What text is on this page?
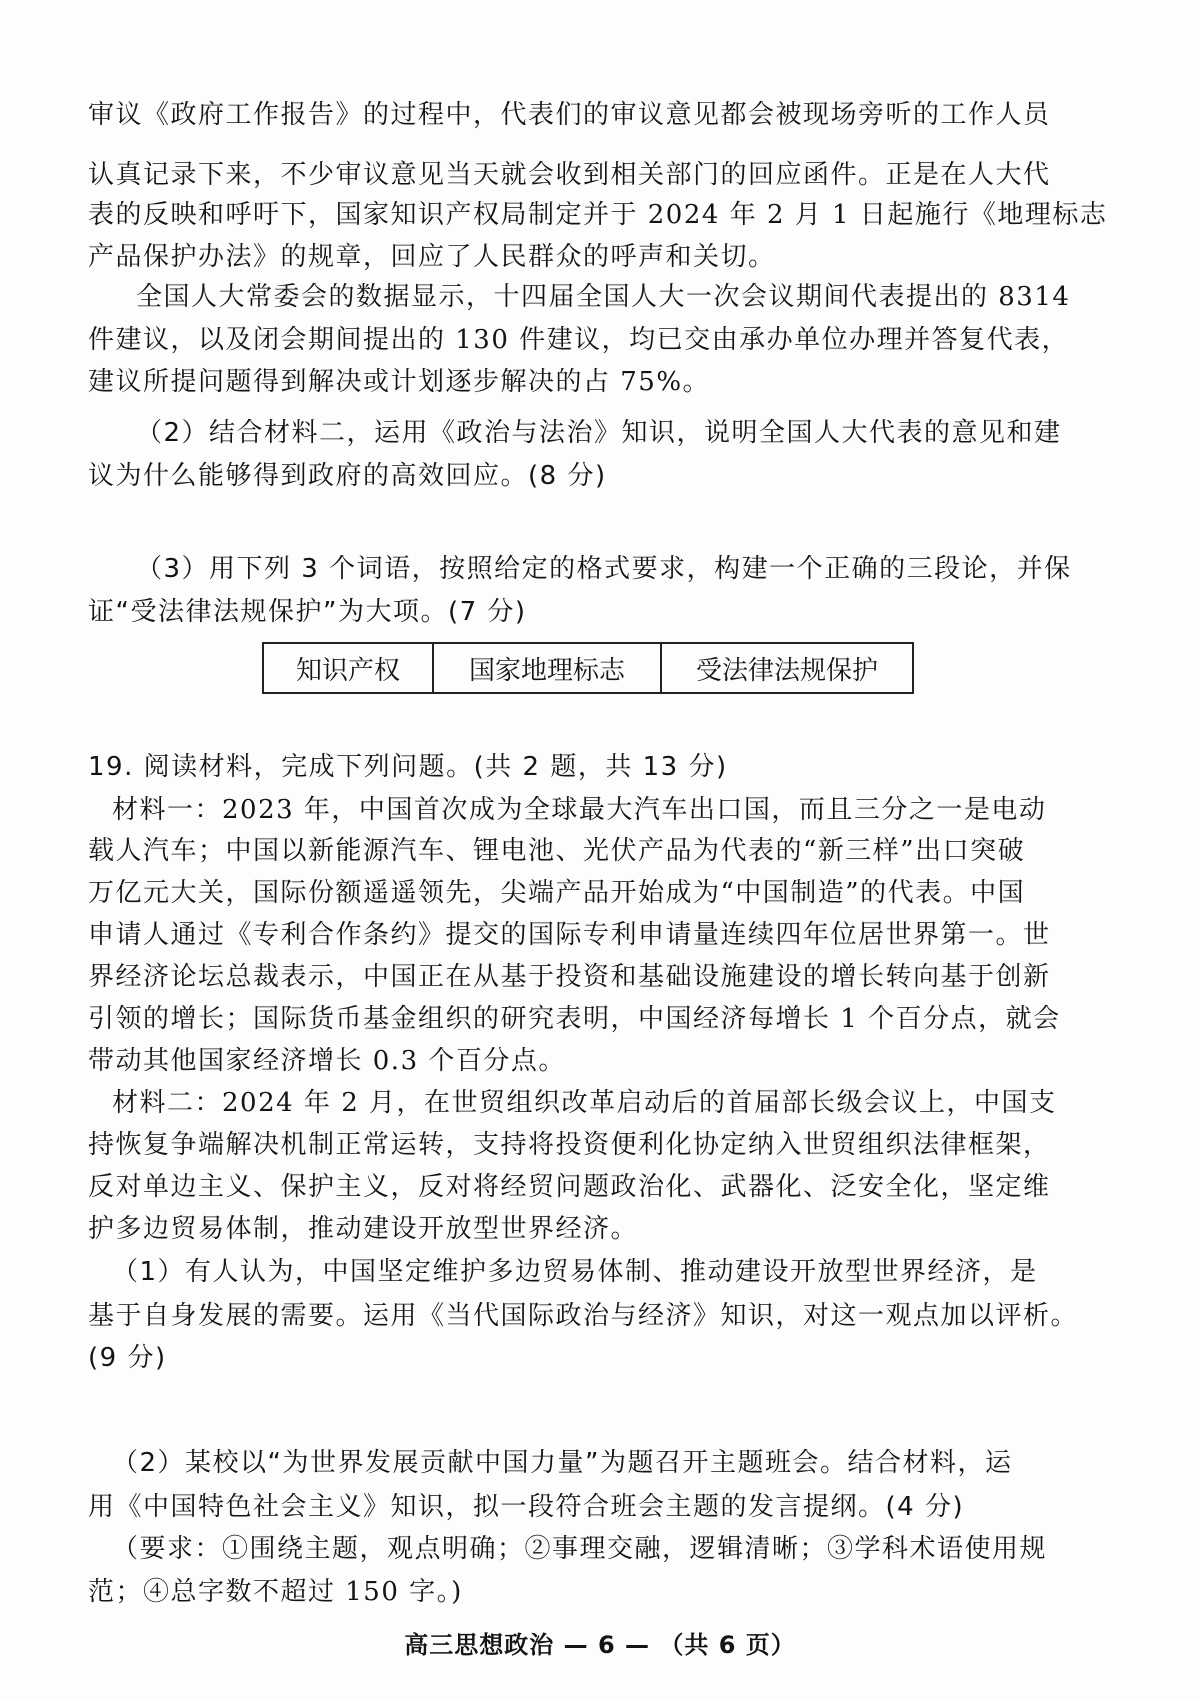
审议《政府工作报告》的过程中，代表们的审议意见都会被现场旁听的工作人员
认真记录下来，不少审议意见当天就会收到相关部门的回应函件。正是在人大代
表的反映和呼吁下，国家知识产权局制定并于 2024 年 2 月 1 日起施行《地理标志
产品保护办法》的规章，回应了人民群众的呼声和关切。
全国人大常委会的数据显示，十四届全国人大一次会议期间代表提出的 8314
件建议，以及闭会期间提出的 130 件建议，均已交由承办单位办理并答复代表，
建议所提问题得到解决或计划逐步解决的占 75%。
（2）结合材料二，运用《政治与法治》知识，说明全国人大代表的意见和建
议为什么能够得到政府的高效回应。(8 分)
（3）用下列 3 个词语，按照给定的格式要求，构建一个正确的三段论，并保
证“受法律法规保护”为大项。(7 分)
知识产权	国家地理标志	受法律法规保护
19. 阅读材料，完成下列问题。(共 2 题，共 13 分)
材料一：2023 年，中国首次成为全球最大汽车出口国，而且三分之一是电动
载人汽车；中国以新能源汽车、锂电池、光伏产品为代表的“新三样”出口突破
万亿元大关，国际份额遥遥领先，尖端产品开始成为“中国制造”的代表。中国
申请人通过《专利合作条约》提交的国际专利申请量连续四年位居世界第一。世
界经济论坛总裁表示，中国正在从基于投资和基础设施建设的增长转向基于创新
引领的增长；国际货币基金组织的研究表明，中国经济每增长 1 个百分点，就会
带动其他国家经济增长 0.3 个百分点。
材料二：2024 年 2 月，在世贸组织改革启动后的首届部长级会议上，中国支
持恢复争端解决机制正常运转，支持将投资便利化协定纳入世贸组织法律框架，
反对单边主义、保护主义，反对将经贸问题政治化、武器化、泛安全化，坚定维
护多边贸易体制，推动建设开放型世界经济。
（1）有人认为，中国坚定维护多边贸易体制、推动建设开放型世界经济，是
基于自身发展的需要。运用《当代国际政治与经济》知识，对这一观点加以评析。
(9 分)
（2）某校以“为世界发展贡献中国力量”为题召开主题班会。结合材料，运
用《中国特色社会主义》知识，拟一段符合班会主题的发言提纲。(4 分)
（要求：①围绕主题，观点明确；②事理交融，逻辑清晰；③学科术语使用规
范；④总字数不超过 150 字。)
高三思想政治 — 6 — （共 6 页）
